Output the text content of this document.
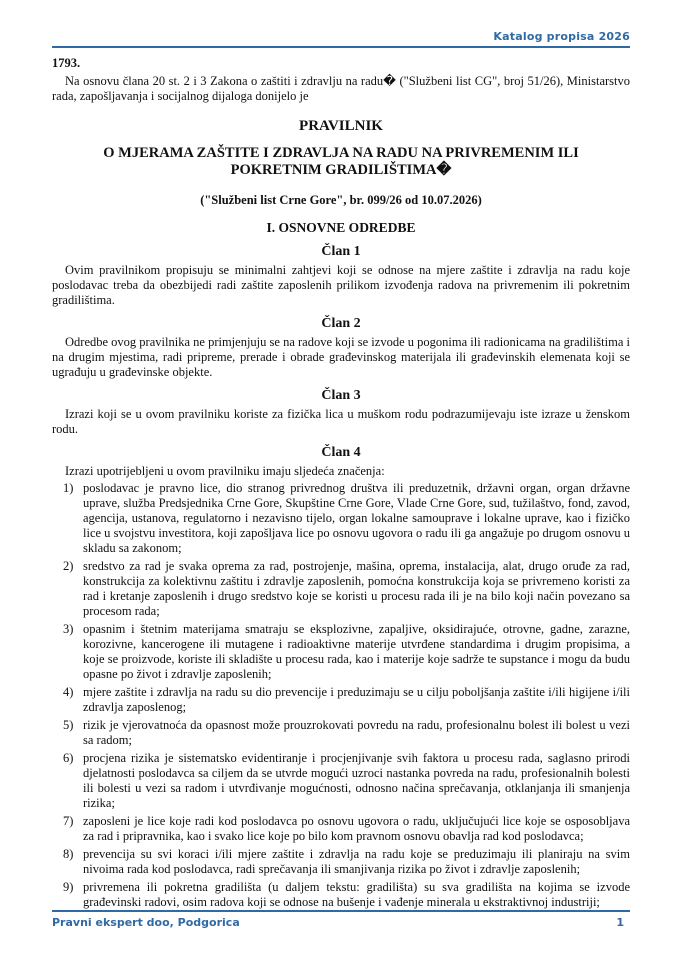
Katalog propisa 2026
1793.

Na osnovu člana 20 st. 2 i 3 Zakona o zaštiti i zdravlju na radu� ("Službeni list CG", broj 51/26), Ministarstvo rada, zapošljavanja i socijalnog dijaloga donijelo je

PRAVILNIK
O MJERAMA ZAŠTITE I ZDRAVLJA NA RADU NA PRIVREMENIM ILI POKRETNIM GRADILIŠTIMA�
("Službeni list Crne Gore", br. 099/26 od 10.07.2026)
I. OSNOVNE ODREDBE
Član 1

Ovim pravilnikom propisuju se minimalni zahtjevi koji se odnose na mjere zaštite i zdravlja na radu koje poslodavac treba da obezbijedi radi zaštite zaposlenih prilikom izvođenja radova na privremenim ili pokretnim gradilištima.

Član 2

Odredbe ovog pravilnika ne primjenjuju se na radove koji se izvode u pogonima ili radionicama na gradilištima i na drugim mjestima, radi pripreme, prerade i obrade građevinskog materijala ili građevinskih elemenata koji se ugrađuju u građevinske objekte.

Član 3

Izrazi koji se u ovom pravilniku koriste za fizička lica u muškom rodu podrazumijevaju iste izraze u ženskom rodu.

Član 4

Izrazi upotrijebljeni u ovom pravilniku imaju sljedeća značenja:

1) poslodavac je pravno lice, dio stranog privrednog društva ili preduzetnik, državni organ, organ državne uprave, služba Predsjednika Crne Gore, Skupštine Crne Gore, Vlade Crne Gore, sud, tužilaštvo, fond, zavod, agencija, ustanova, regulatorno i nezavisno tijelo, organ lokalne samouprave i lokalne uprave, kao i fizičko lice u svojstvu investitora, koji zapošljava lice po osnovu ugovora o radu ili ga angažuje po drugom osnovu u skladu sa zakonom;
2) sredstvo za rad je svaka oprema za rad, postrojenje, mašina, oprema, instalacija, alat, drugo oruđe za rad, konstrukcija za kolektivnu zaštitu i zdravlje zaposlenih, pomoćna konstrukcija koja se privremeno koristi za rad i kretanje zaposlenih i drugo sredstvo koje se koristi u procesu rada ili je na bilo koji način povezano sa procesom rada;
3) opasnim i štetnim materijama smatraju se eksplozivne, zapaljive, oksidirajuće, otrovne, gadne, zarazne, korozivne, kancerogene ili mutagene i radioaktivne materije utvrđene standardima i drugim propisima, a koje se proizvode, koriste ili skladište u procesu rada, kao i materije koje sadrže te supstance i mogu da budu opasne po život i zdravlje zaposlenih;
4) mjere zaštite i zdravlja na radu su dio prevencije i preduzimaju se u cilju poboljšanja zaštite i/ili higijene i/ili zdravlja zaposlenog;
5) rizik je vjerovatnoća da opasnost može prouzrokovati povredu na radu, profesionalnu bolest ili bolest u vezi sa radom;
6) procjena rizika je sistematsko evidentiranje i procjenjivanje svih faktora u procesu rada, saglasno prirodi djelatnosti poslodavca sa ciljem da se utvrde mogući uzroci nastanka povreda na radu, profesionalnih bolesti ili bolesti u vezi sa radom i utvrđivanje mogućnosti, odnosno načina sprečavanja, otklanjanja ili smanjenja rizika;
7) zaposleni je lice koje radi kod poslodavca po osnovu ugovora o radu, uključujući lice koje se osposobljava za rad i pripravnika, kao i svako lice koje po bilo kom pravnom osnovu obavlja rad kod poslodavca;
8) prevencija su svi koraci i/ili mjere zaštite i zdravlja na radu koje se preduzimaju ili planiraju na svim nivoima rada kod poslodavca, radi sprečavanja ili smanjivanja rizika po život i zdravlje zaposlenih;
9) privremena ili pokretna gradilišta (u daljem tekstu: gradilišta) su sva gradilišta na kojima se izvode građevinski radovi, osim radova koji se odnose na bušenje i vađenje minerala u ekstraktivnoj industriji;
Pravni ekspert doo, Podgorica	1
